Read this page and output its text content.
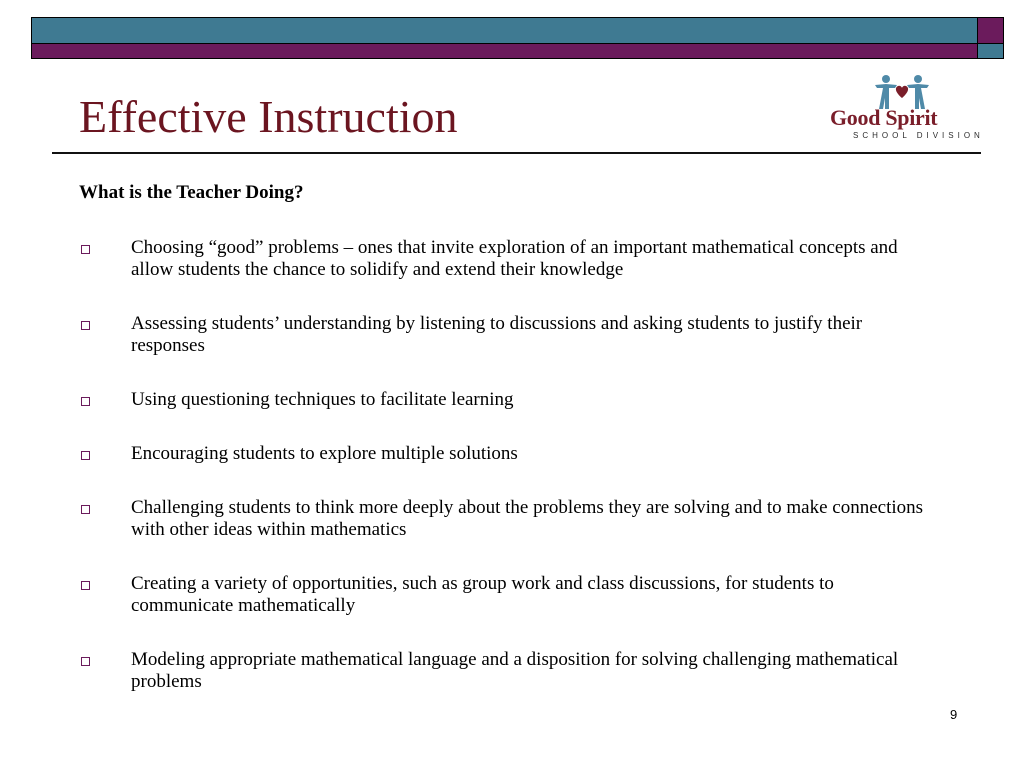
Effective Instruction	Good Spirit
SCHOOL DIVISION

What is the Teacher Doing?

Choosing “good” problems – ones that invite exploration of an important mathematical concepts and allow students the chance to solidify and extend their knowledge
Assessing students’ understanding by listening to discussions and asking students to justify their responses
Using questioning techniques to facilitate learning
Encouraging students to explore multiple solutions
Challenging students to think more deeply about the problems they are solving and to make connections with other ideas within mathematics
Creating a variety of opportunities, such as group work and class discussions, for students to communicate mathematically
Modeling appropriate mathematical language and a disposition for solving challenging mathematical problems
9
